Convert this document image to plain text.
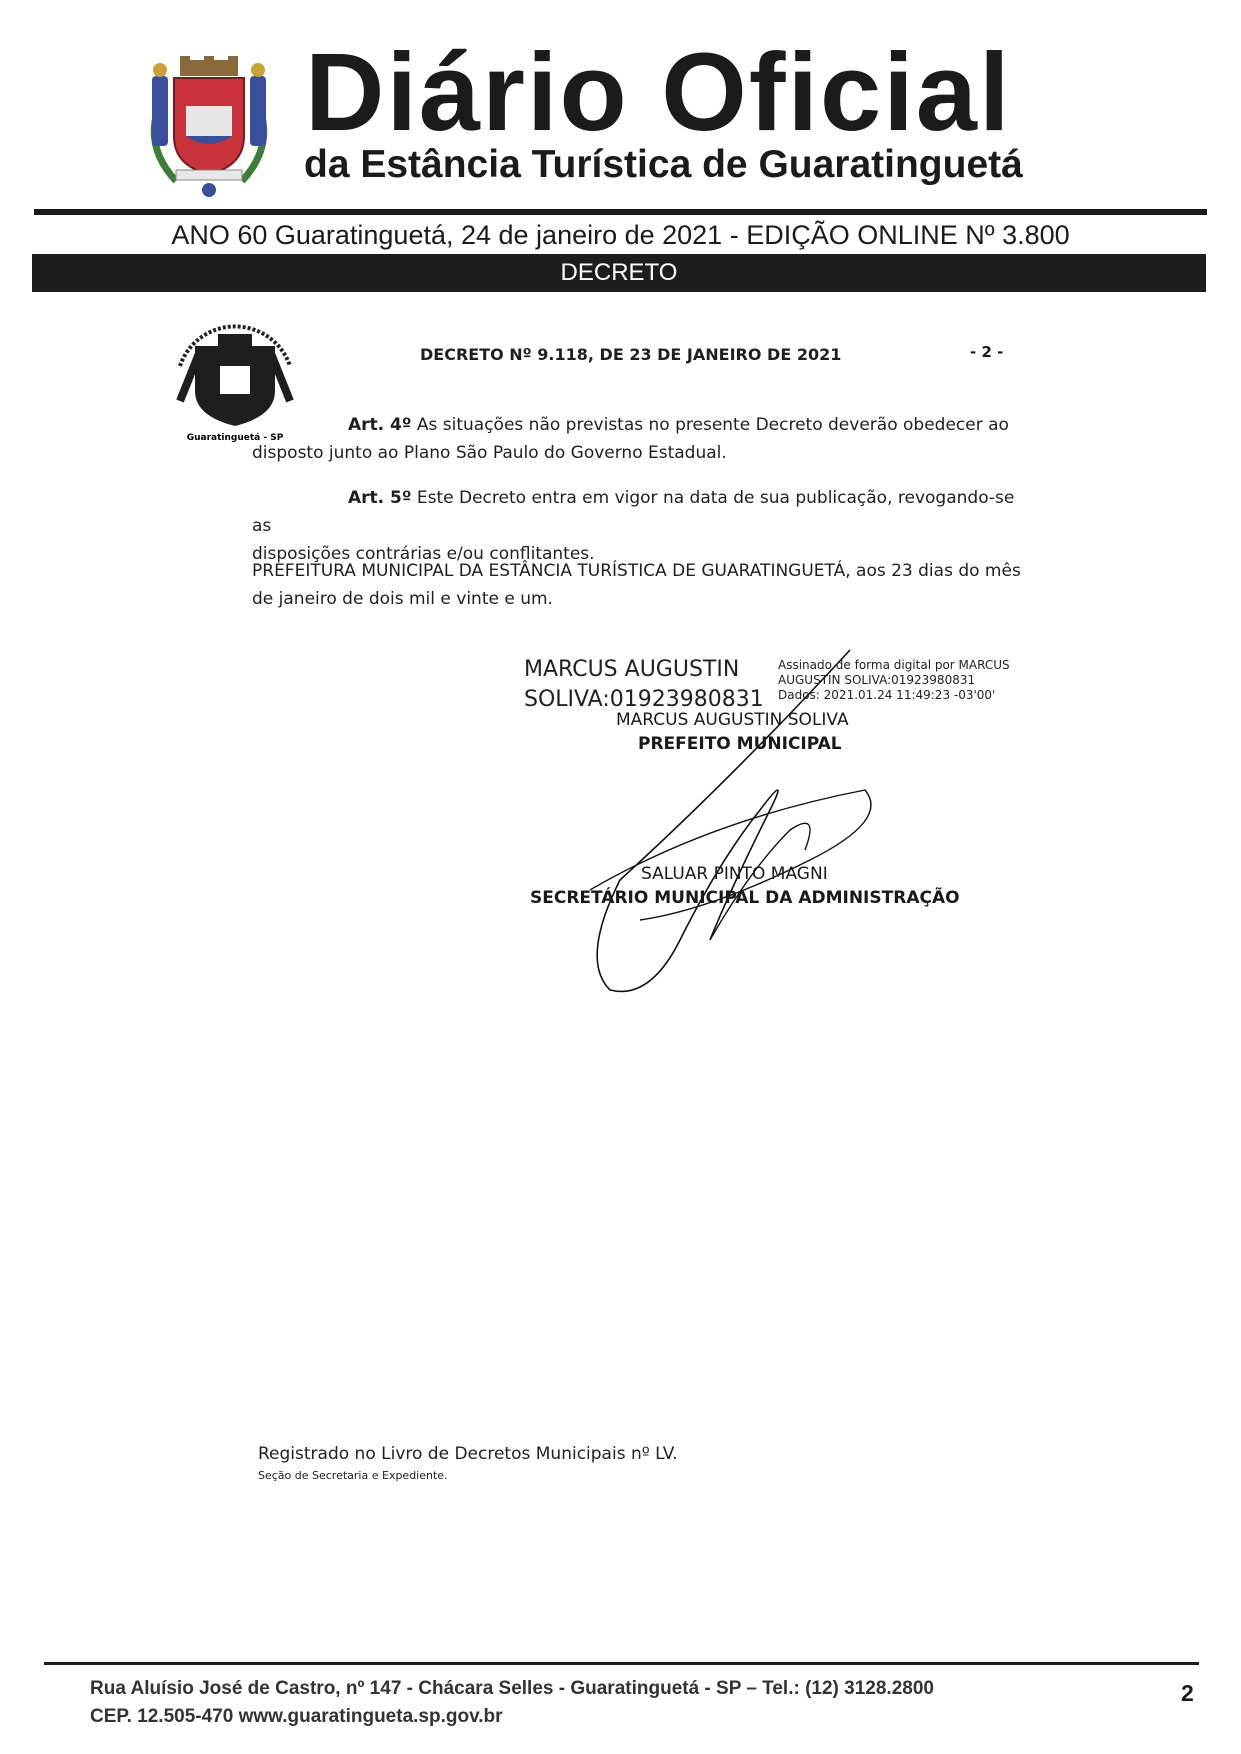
Diário Oficial
da Estância Turística de Guaratinguetá
ANO 60 Guaratinguetá, 24 de janeiro de 2021 - EDIÇÃO ONLINE Nº 3.800
DECRETO
Guaratinguetá - SP
DECRETO Nº 9.118, DE 23 DE JANEIRO DE 2021	- 2 -
Art. 4º As situações não previstas no presente Decreto deverão obedecer ao
disposto junto ao Plano São Paulo do Governo Estadual.
Art. 5º Este Decreto entra em vigor na data de sua publicação, revogando-se as
disposições contrárias e/ou conflitantes.
PREFEITURA MUNICIPAL DA ESTÂNCIA TURÍSTICA DE GUARATINGUETÁ, aos 23 dias do mês
de janeiro de dois mil e vinte e um.
MARCUS AUGUSTIN
SOLIVA:01923980831
Assinado de forma digital por MARCUS
AUGUSTIN SOLIVA:01923980831
Dados: 2021.01.24 11:49:23 -03'00'
MARCUS AUGUSTIN SOLIVA
PREFEITO MUNICIPAL
SALUAR PINTO MAGNI
SECRETÁRIO MUNICIPAL DA ADMINISTRAÇÃO
Registrado no Livro de Decretos Municipais nº LV.
Seção de Secretaria e Expediente.
Rua Aluísio José de Castro, nº 147 - Chácara Selles - Guaratinguetá - SP – Tel.: (12) 3128.2800
CEP. 12.505-470 www.guaratingueta.sp.gov.br
2
